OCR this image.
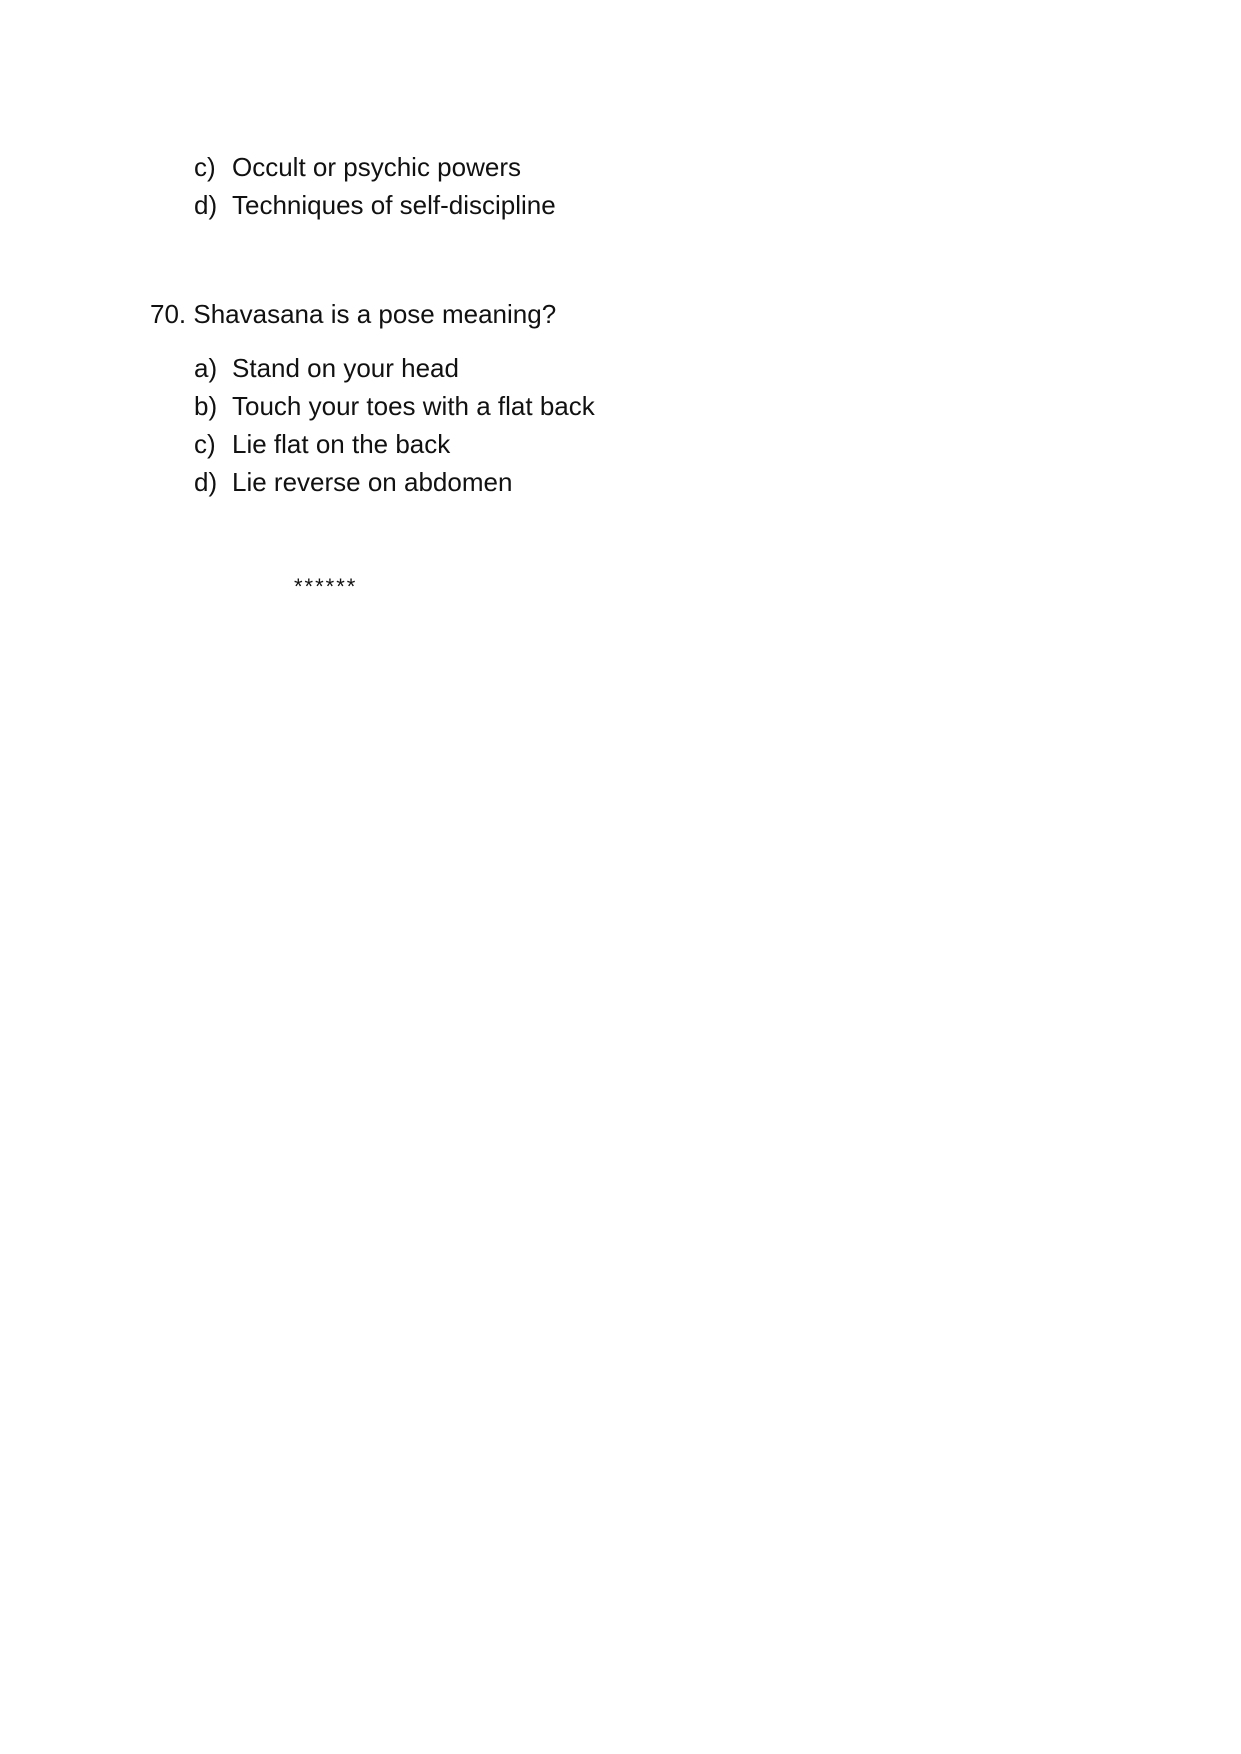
c) Occult or psychic powers
d) Techniques of self-discipline
70. Shavasana is a pose meaning?
a) Stand on your head
b) Touch your toes with a flat back
c) Lie flat on the back
d) Lie reverse on abdomen
******
